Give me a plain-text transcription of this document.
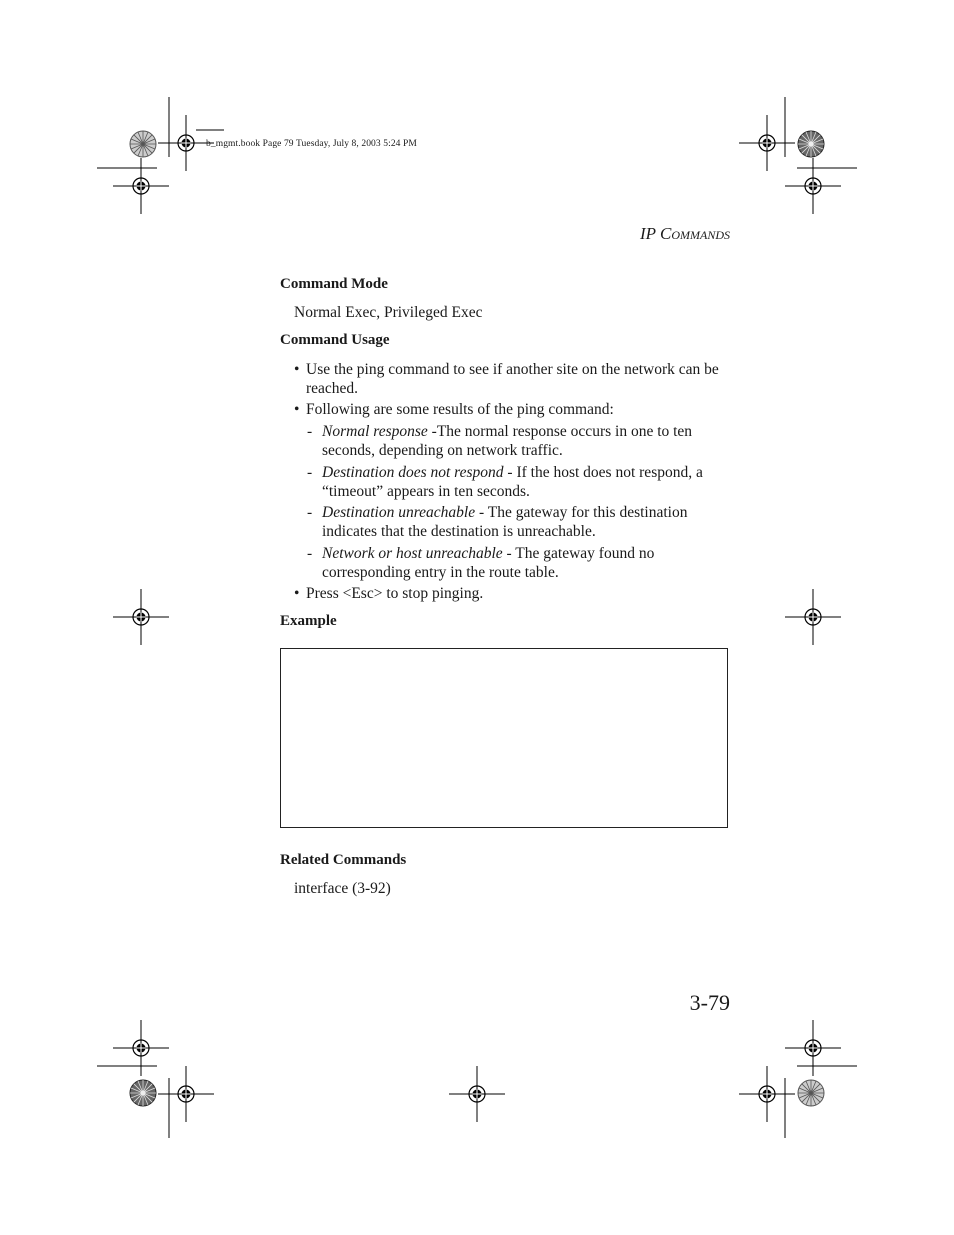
b_mgmt.book Page 79 Tuesday, July 8, 2003 5:24 PM
IP COMMANDS
Command Mode
Normal Exec, Privileged Exec
Command Usage
• Use the ping command to see if another site on the network can be reached.
• Following are some results of the ping command:
- Normal response -The normal response occurs in one to ten seconds, depending on network traffic.
- Destination does not respond - If the host does not respond, a “timeout” appears in ten seconds.
- Destination unreachable - The gateway for this destination indicates that the destination is unreachable.
- Network or host unreachable - The gateway found no corresponding entry in the route table.
• Press <Esc> to stop pinging.
Example
Related Commands
interface (3-92)
3-79
